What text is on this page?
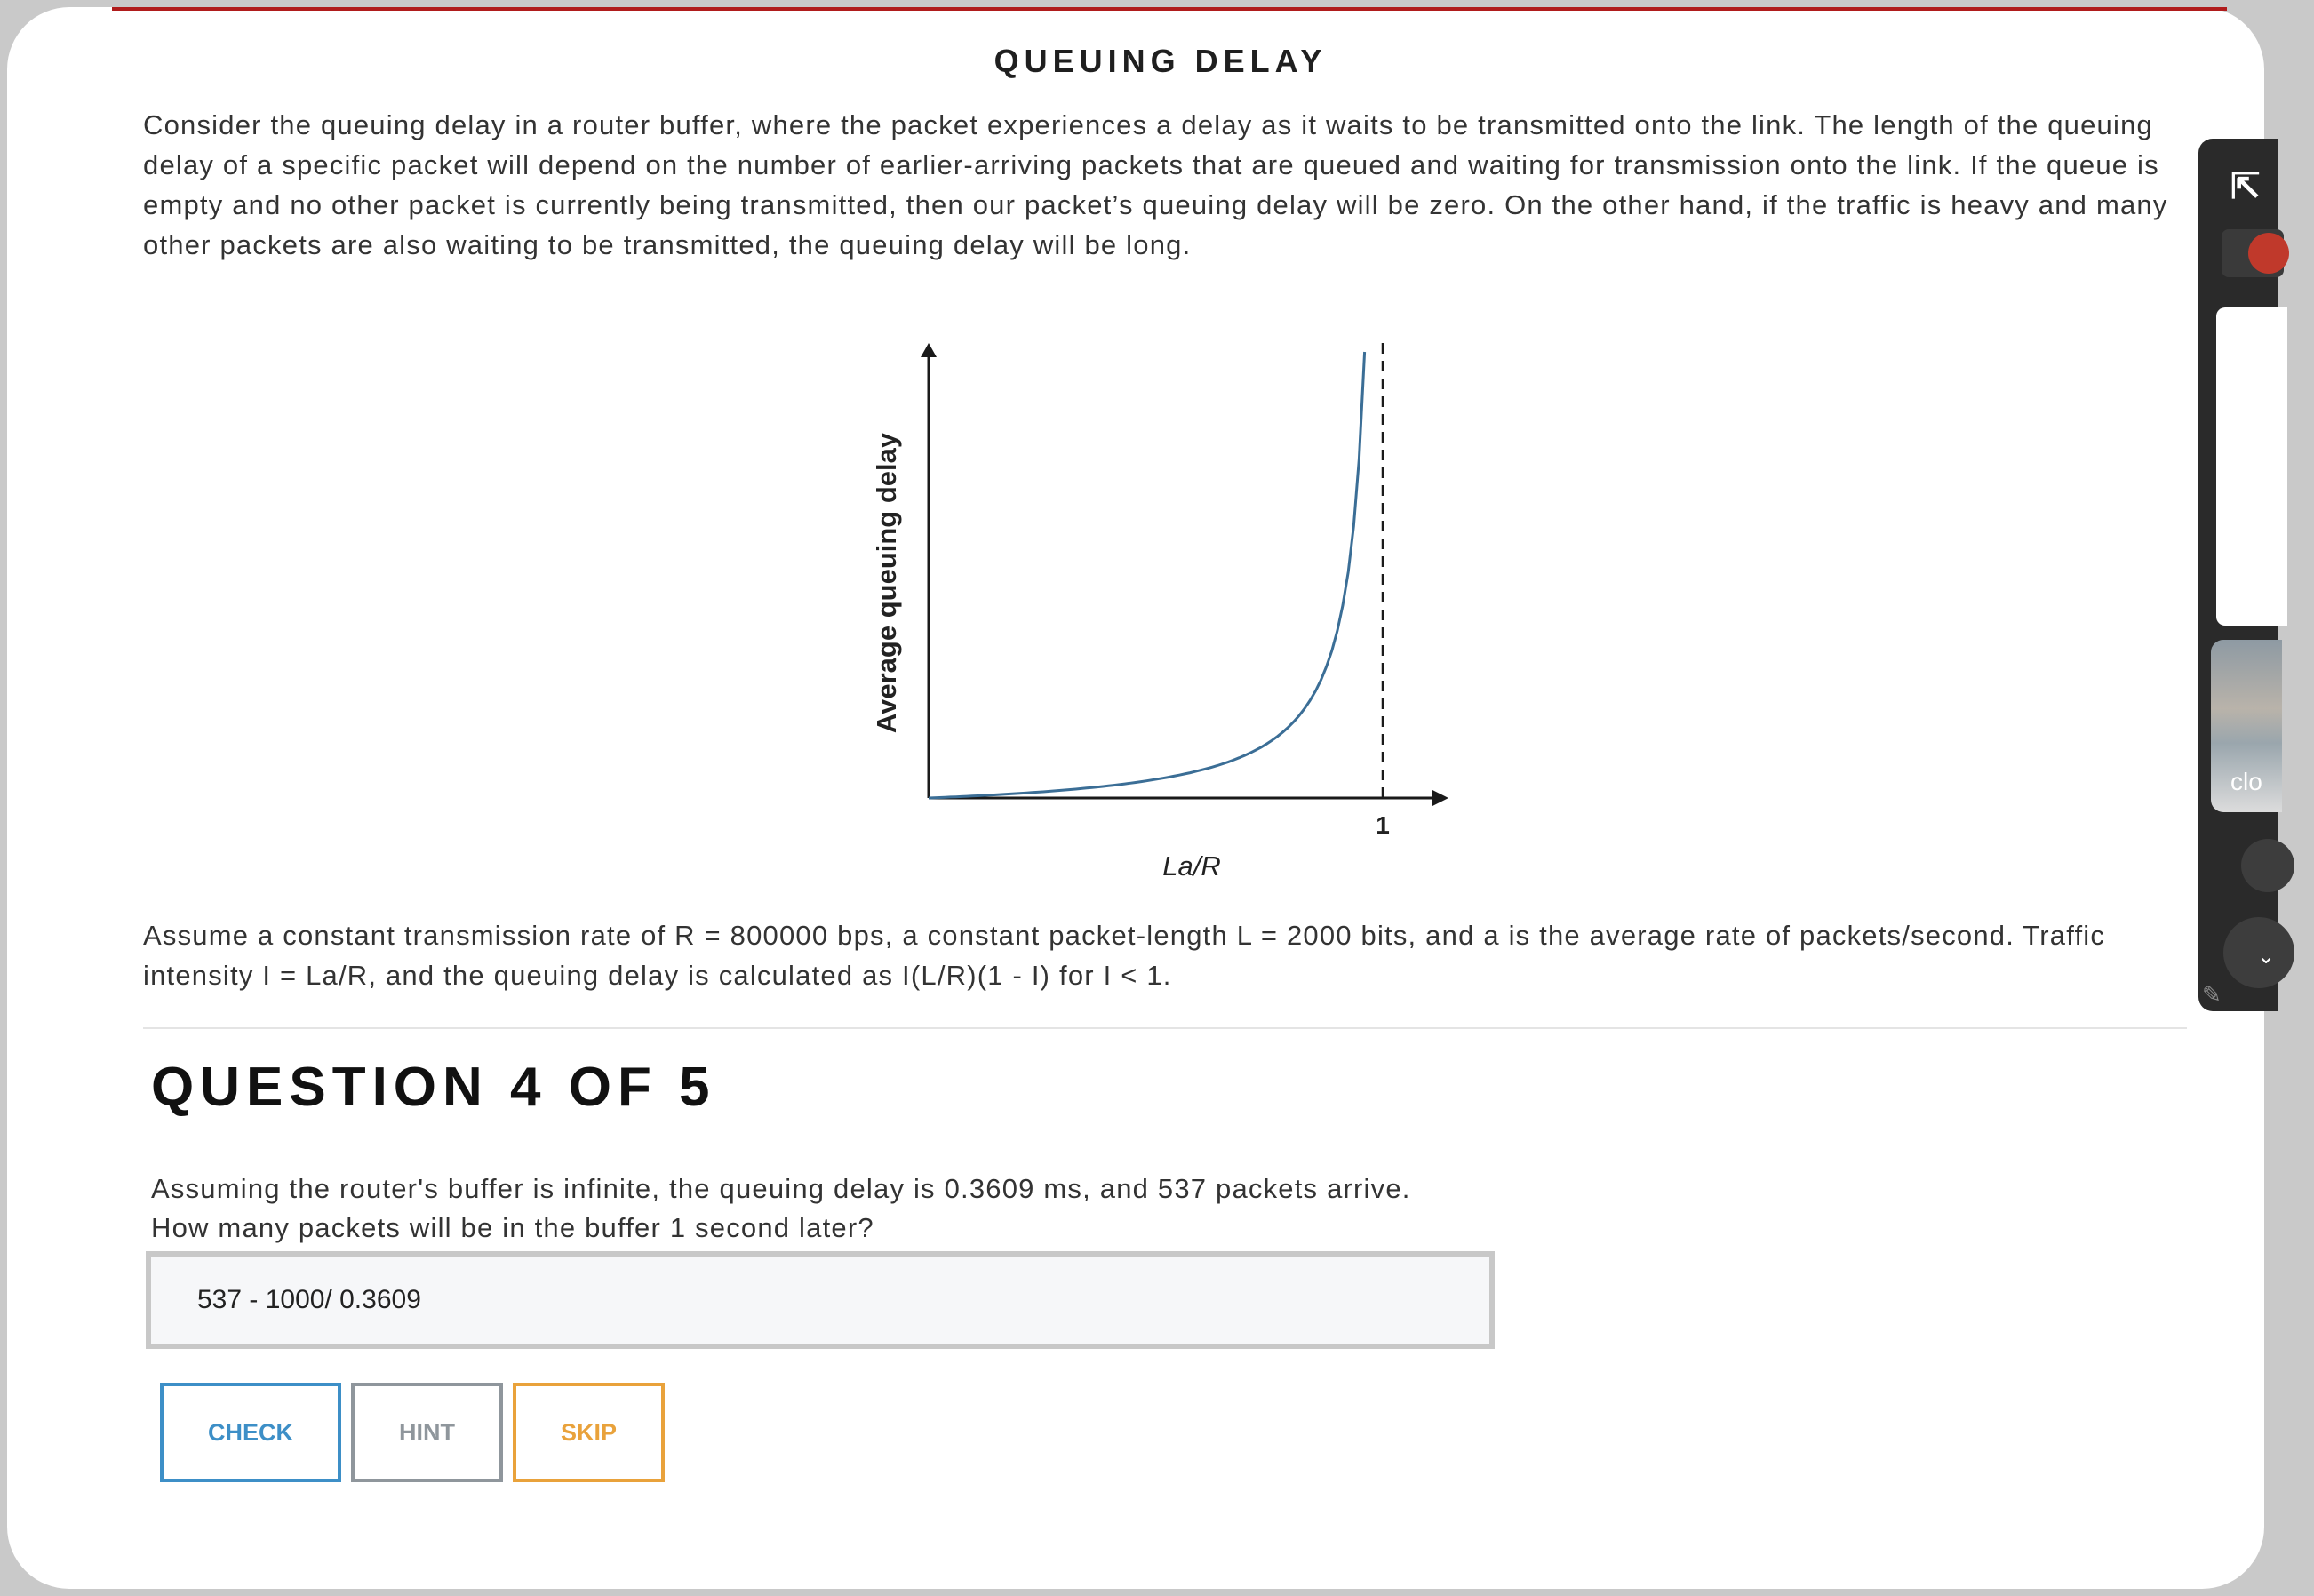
QUEUING DELAY

Consider the queuing delay in a router buffer, where the packet experiences a delay as it waits to be transmitted onto the link. The length of the queuing delay of a specific packet will depend on the number of earlier-arriving packets that are queued and waiting for transmission onto the link. If the queue is empty and no other packet is currently being transmitted, then our packet’s queuing delay will be zero. On the other hand, if the traffic is heavy and many other packets are also waiting to be transmitted, the queuing delay will be long.

1
La/R
Average queuing delay

Assume a constant transmission rate of R = 800000 bps, a constant packet-length L = 2000 bits, and a is the average rate of packets/second. Traffic intensity I = La/R, and the queuing delay is calculated as I(L/R)(1 - I) for I < 1.

QUESTION 4 OF 5
Assuming the router's buffer is infinite, the queuing delay is 0.3609 ms, and 537 packets arrive.
How many packets will be in the buffer 1 second later?
537 - 1000/ 0.3609
CHECK	HINT	SKIP
⇱
clo
⌄
✎
